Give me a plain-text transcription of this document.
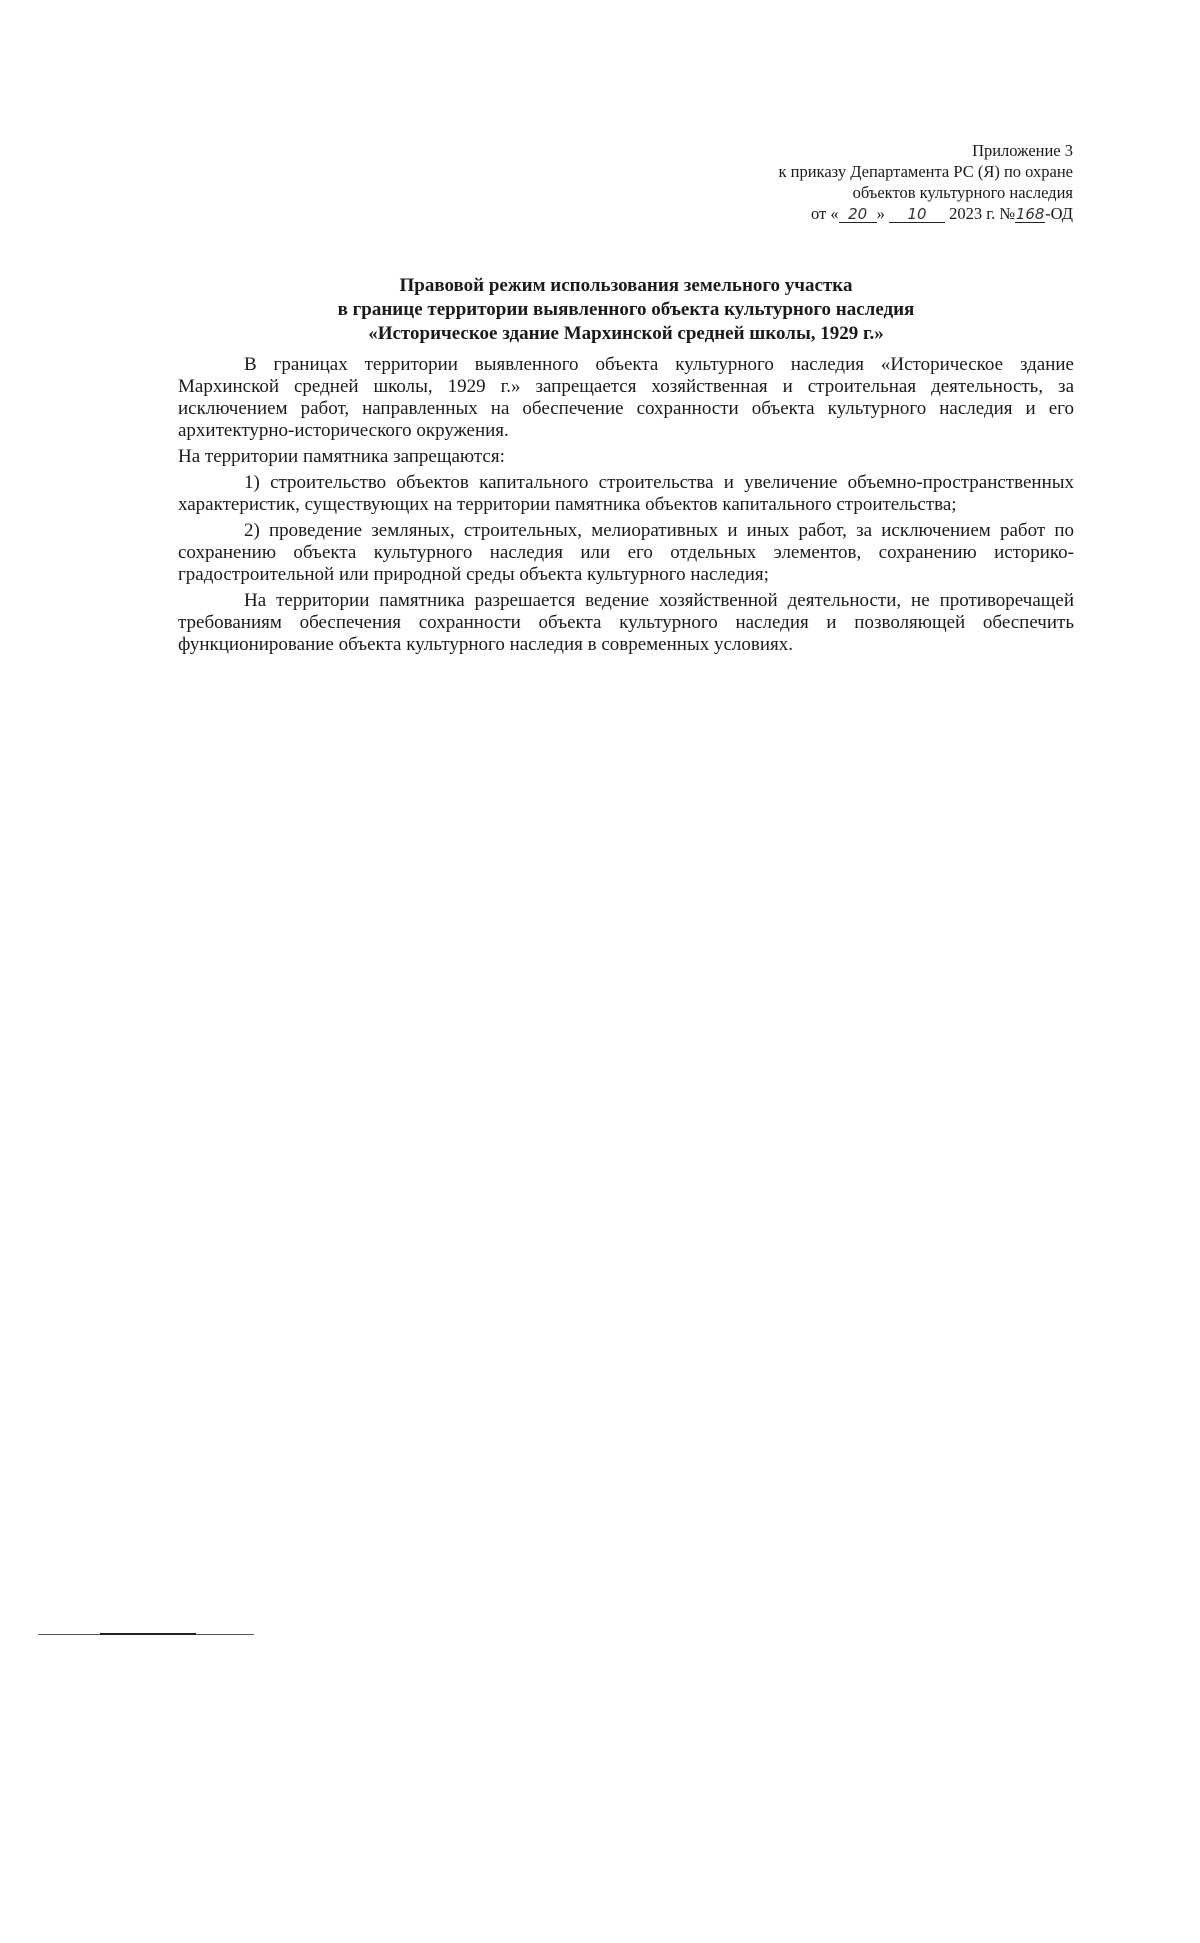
Приложение 3
к приказу Департамента РС (Я) по охране
объектов культурного наследия
от « 20 » 10 2023 г. №168-ОД
Правовой режим использования земельного участка
в границе территории выявленного объекта культурного наследия
«Историческое здание Мархинской средней школы, 1929 г.»

В границах территории выявленного объекта культурного наследия «Историческое здание Мархинской средней школы, 1929 г.» запрещается хозяйственная и строительная деятельность, за исключением работ, направленных на обеспечение сохранности объекта культурного наследия и его архитектурно-исторического окружения.

На территории памятника запрещаются:

1) строительство объектов капитального строительства и увеличение объемно-пространственных характеристик, существующих на территории памятника объектов капитального строительства;

2) проведение земляных, строительных, мелиоративных и иных работ, за исключением работ по сохранению объекта культурного наследия или его отдельных элементов, сохранению историко-градостроительной или природной среды объекта культурного наследия;

На территории памятника разрешается ведение хозяйственной деятельности, не противоречащей требованиям обеспечения сохранности объекта культурного наследия и позволяющей обеспечить функционирование объекта культурного наследия в современных условиях.
